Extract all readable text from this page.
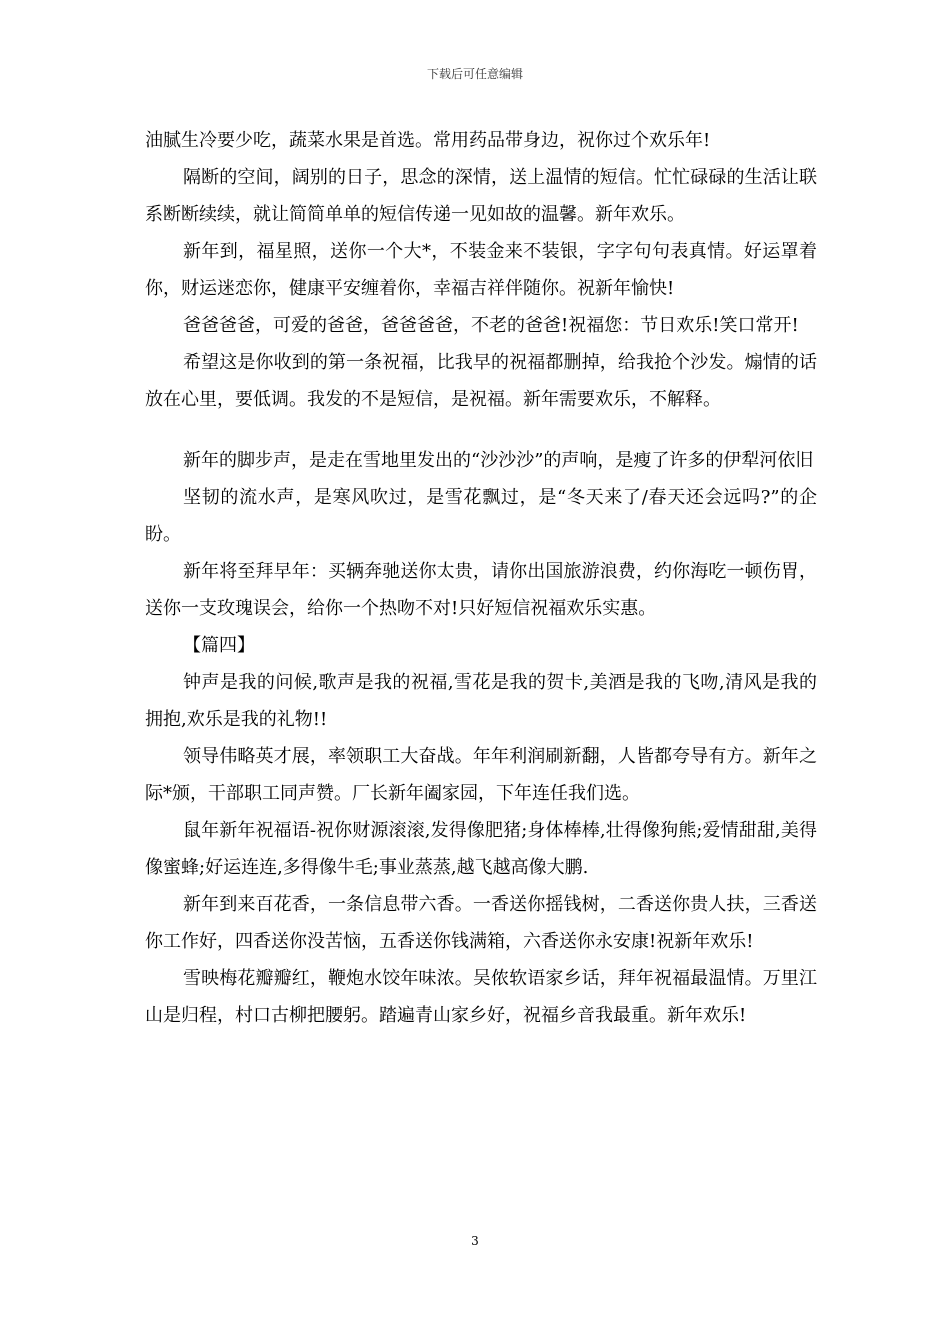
下载后可任意编辑

油腻生冷要少吃，蔬菜水果是首选。常用药品带身边，祝你过个欢乐年!

隔断的空间，阔别的日子，思念的深情，送上温情的短信。忙忙碌碌的生活让联系断断续续，就让简简单单的短信传递一见如故的温馨。新年欢乐。

新年到，福星照，送你一个大*，不装金来不装银，字字句句表真情。好运罩着你，财运迷恋你，健康平安缠着你，幸福吉祥伴随你。祝新年愉快!

爸爸爸爸，可爱的爸爸，爸爸爸爸，不老的爸爸!祝福您：节日欢乐!笑口常开!

希望这是你收到的第一条祝福，比我早的祝福都删掉，给我抢个沙发。煽情的话放在心里，要低调。我发的不是短信，是祝福。新年需要欢乐，不解释。

新年的脚步声，是走在雪地里发出的“沙沙沙”的声响，是瘦了许多的伊犁河依旧

坚韧的流水声，是寒风吹过，是雪花飘过，是“冬天来了/春天还会远吗?”的企盼。

新年将至拜早年：买辆奔驰送你太贵，请你出国旅游浪费，约你海吃一顿伤胃，送你一支玫瑰误会，给你一个热吻不对!只好短信祝福欢乐实惠。

【篇四】

钟声是我的问候,歌声是我的祝福,雪花是我的贺卡,美酒是我的飞吻,清风是我的拥抱,欢乐是我的礼物!!

领导伟略英才展，率领职工大奋战。年年利润刷新翻，人皆都夸导有方。新年之际*颁，干部职工同声赞。厂长新年阖家园，下年连任我们选。

鼠年新年祝福语-祝你财源滚滚,发得像肥猪;身体棒棒,壮得像狗熊;爱情甜甜,美得像蜜蜂;好运连连,多得像牛毛;事业蒸蒸,越飞越高像大鹏.

新年到来百花香，一条信息带六香。一香送你摇钱树，二香送你贵人扶，三香送你工作好，四香送你没苦恼，五香送你钱满箱，六香送你永安康!祝新年欢乐!

雪映梅花瓣瓣红，鞭炮水饺年味浓。吴侬软语家乡话，拜年祝福最温情。万里江山是归程，村口古柳把腰躬。踏遍青山家乡好，祝福乡音我最重。新年欢乐!

3
